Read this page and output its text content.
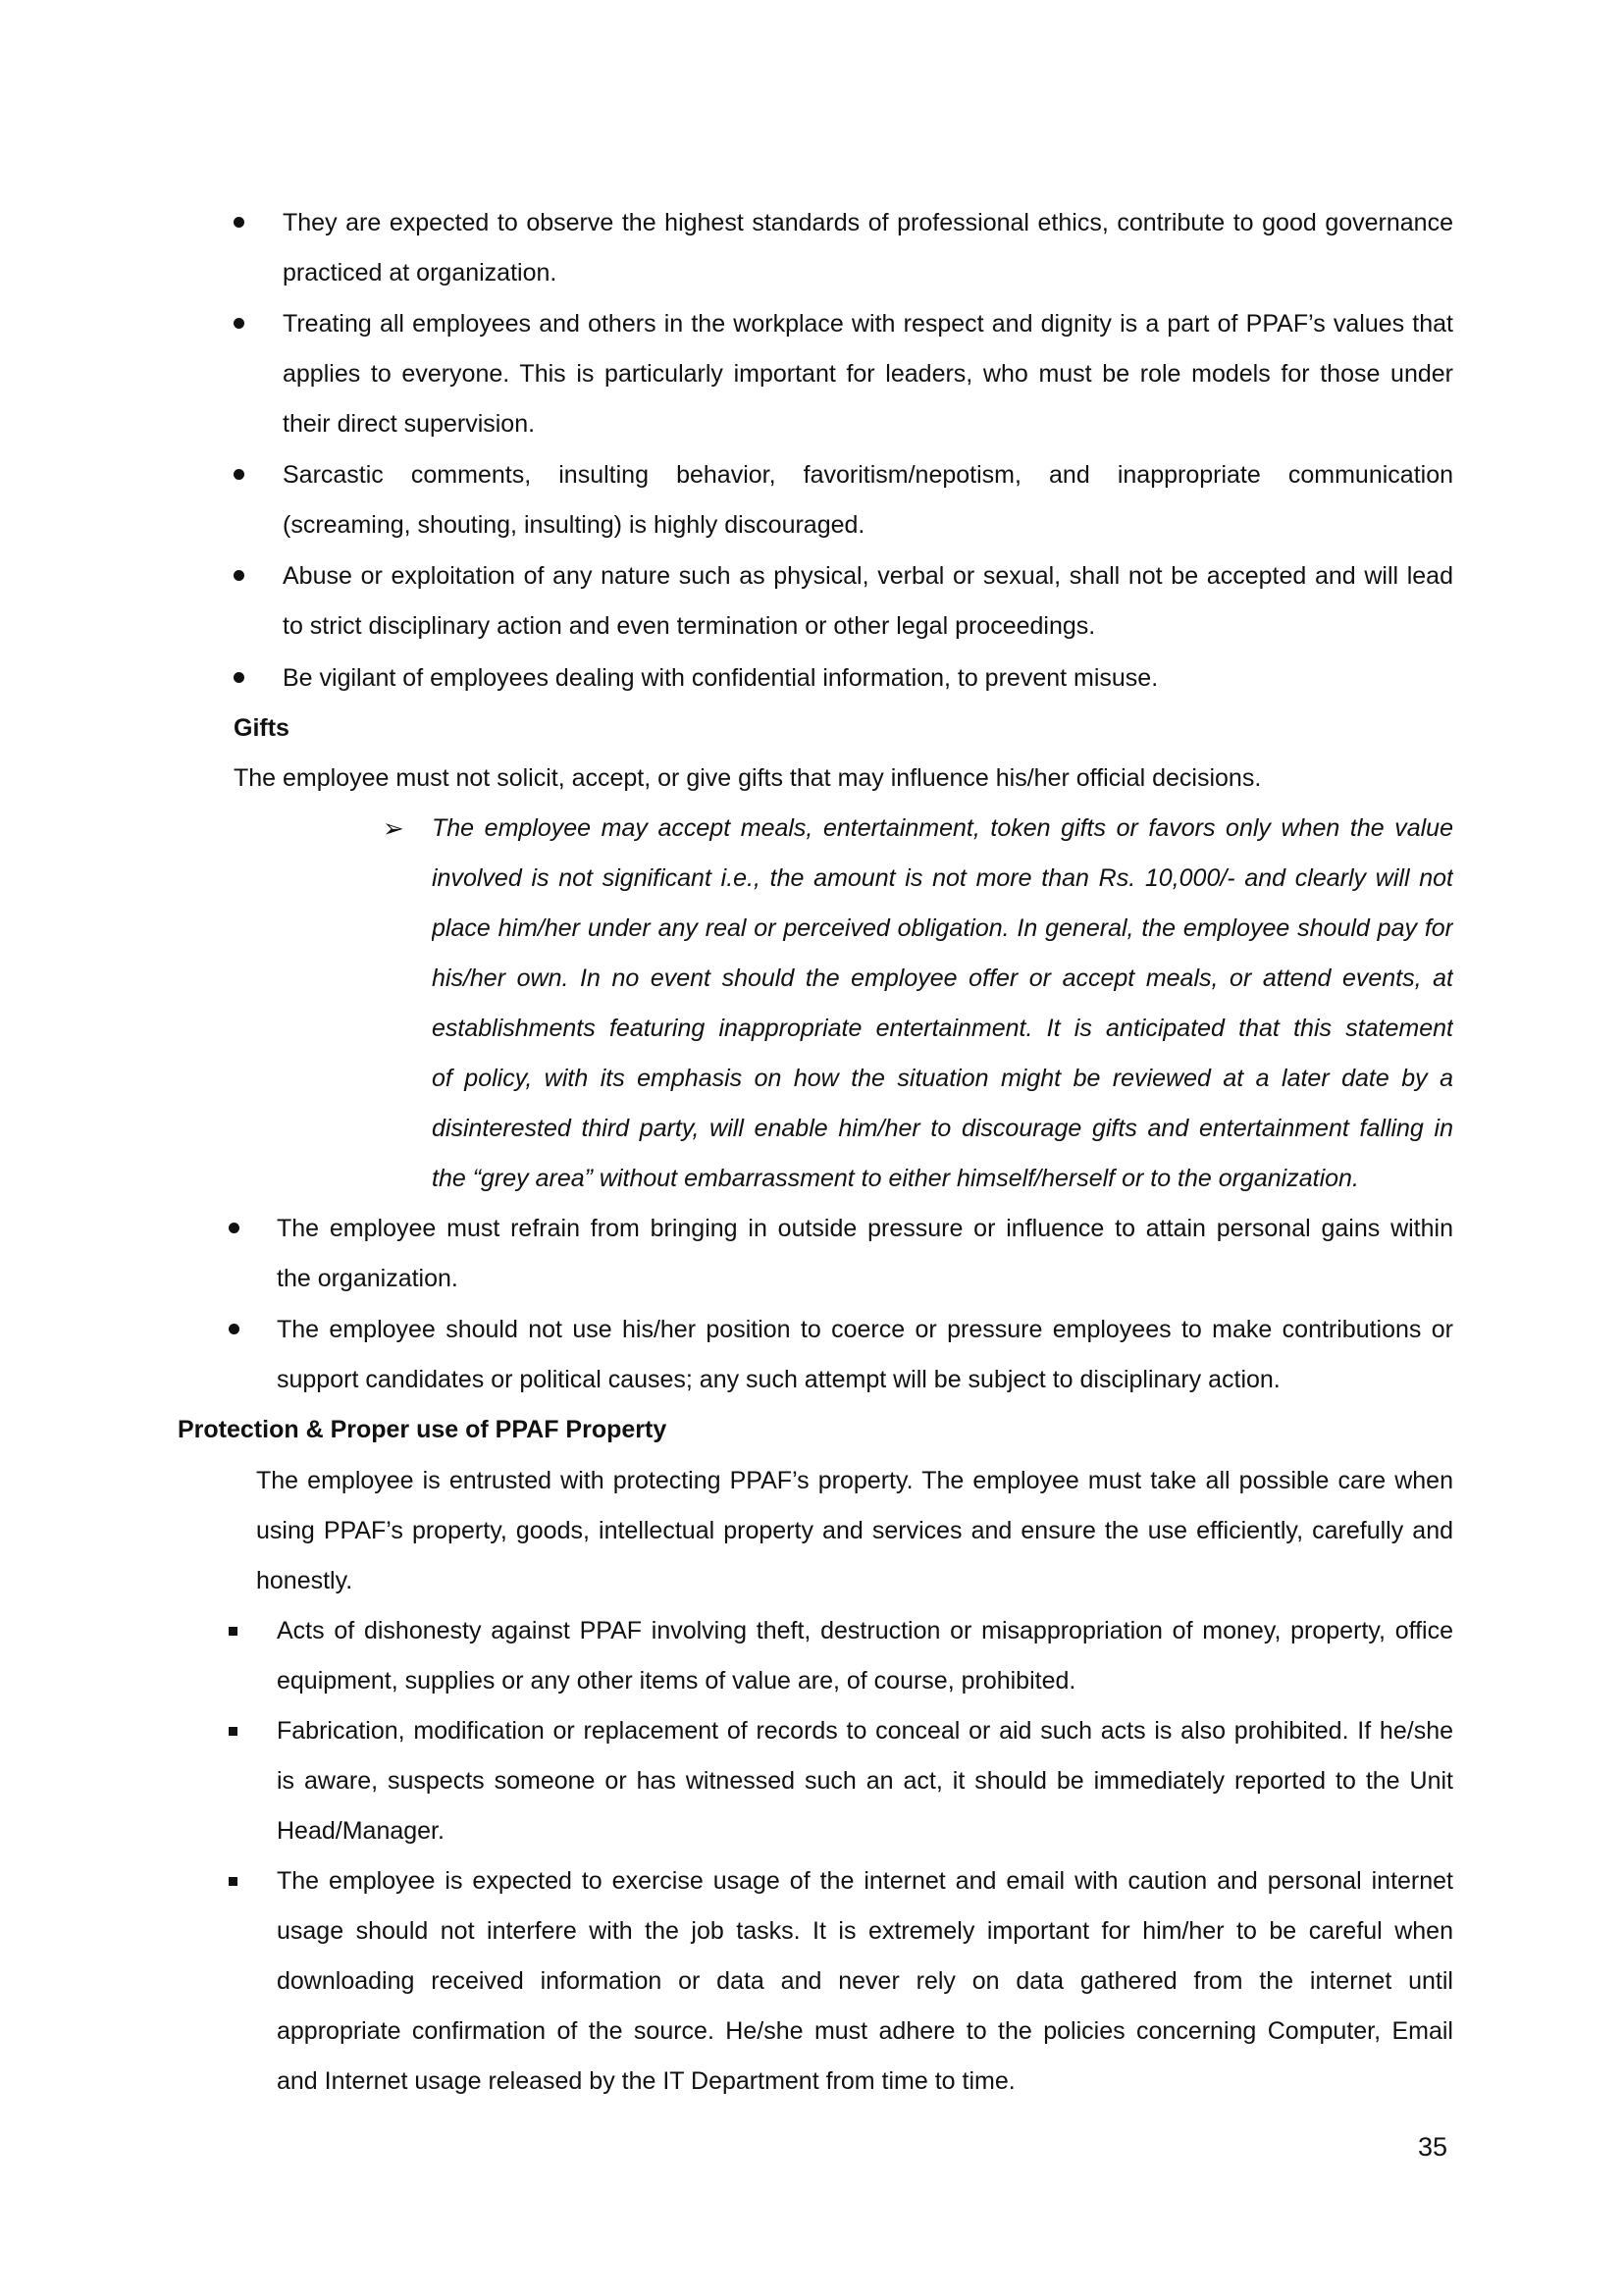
They are expected to observe the highest standards of professional ethics, contribute to good governance
practiced at organization.
Treating all employees and others in the workplace with respect and dignity is a part of PPAF’s values that
applies to everyone. This is particularly important for leaders, who must be role models for those under
their direct supervision.
Sarcastic comments, insulting behavior, favoritism/nepotism, and inappropriate communication
(screaming, shouting, insulting) is highly discouraged.
Abuse or exploitation of any nature such as physical, verbal or sexual, shall not be accepted and will lead
to strict disciplinary action and even termination or other legal proceedings.
Be vigilant of employees dealing with confidential information, to prevent misuse.
Gifts
The employee must not solicit, accept, or give gifts that may influence his/her official decisions.
➢ The employee may accept meals, entertainment, token gifts or favors only when the value
involved is not significant i.e., the amount is not more than Rs. 10,000/- and clearly will not
place him/her under any real or perceived obligation. In general, the employee should pay for
his/her own. In no event should the employee offer or accept meals, or attend events, at
establishments featuring inappropriate entertainment. It is anticipated that this statement
of policy, with its emphasis on how the situation might be reviewed at a later date by a
disinterested third party, will enable him/her to discourage gifts and entertainment falling in
the “grey area” without embarrassment to either himself/herself or to the organization.
The employee must refrain from bringing in outside pressure or influence to attain personal gains within
the organization.
The employee should not use his/her position to coerce or pressure employees to make contributions or
support candidates or political causes; any such attempt will be subject to disciplinary action.
Protection & Proper use of PPAF Property
The employee is entrusted with protecting PPAF’s property. The employee must take all possible care when
using PPAF’s property, goods, intellectual property and services and ensure the use efficiently, carefully and
honestly.
Acts of dishonesty against PPAF involving theft, destruction or misappropriation of money, property, office
equipment, supplies or any other items of value are, of course, prohibited.
Fabrication, modification or replacement of records to conceal or aid such acts is also prohibited. If he/she
is aware, suspects someone or has witnessed such an act, it should be immediately reported to the Unit
Head/Manager.
The employee is expected to exercise usage of the internet and email with caution and personal internet
usage should not interfere with the job tasks. It is extremely important for him/her to be careful when
downloading received information or data and never rely on data gathered from the internet until
appropriate confirmation of the source. He/she must adhere to the policies concerning Computer, Email
and Internet usage released by the IT Department from time to time.
35
